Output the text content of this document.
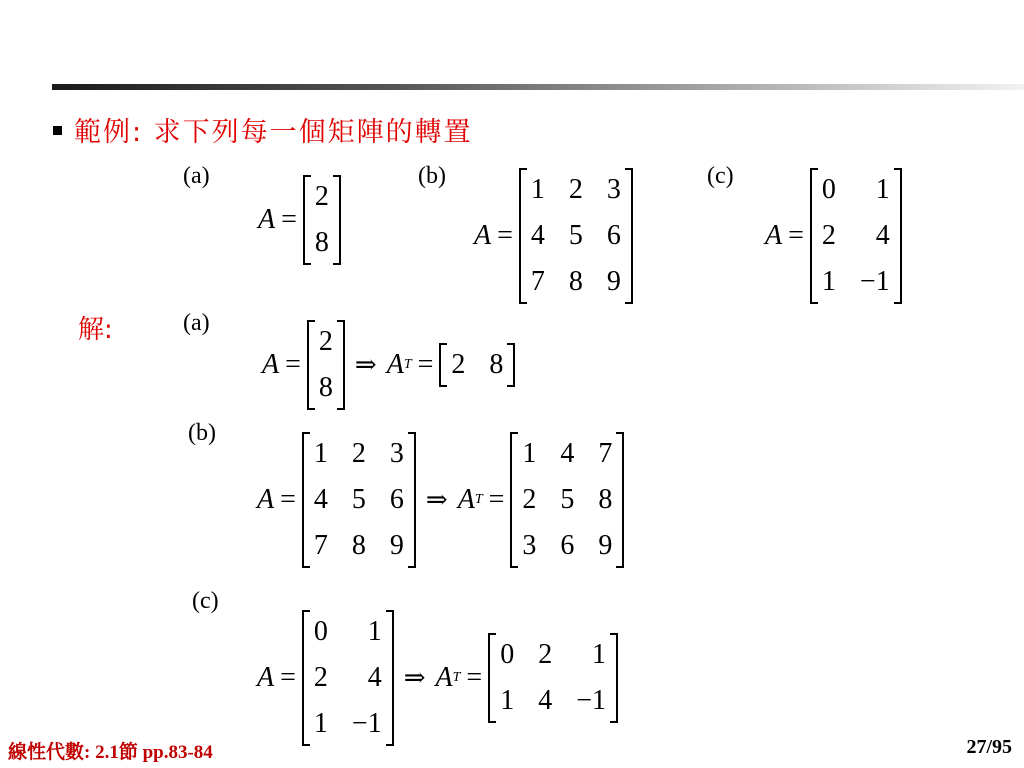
範例: 求下列每一個矩陣的轉置
(a)	(b)	(c)
A =
2
8	A =
1 2 3
4 5 6
7 8 9
A =
0	1
2	4
1 −1
解:	(a)
(b)
(c)
A =
2
8
⇒ A T = 2 8
A =
1 2 3
4 5 6
7 8 9
⇒ A T =
1 4 7
2 5 8
3 6 9
A =
0	1
2	4
1 −1
⇒ A T =
0 2	1
1 4 −1
線性代數: 2.1節 pp.83-84	27/95
